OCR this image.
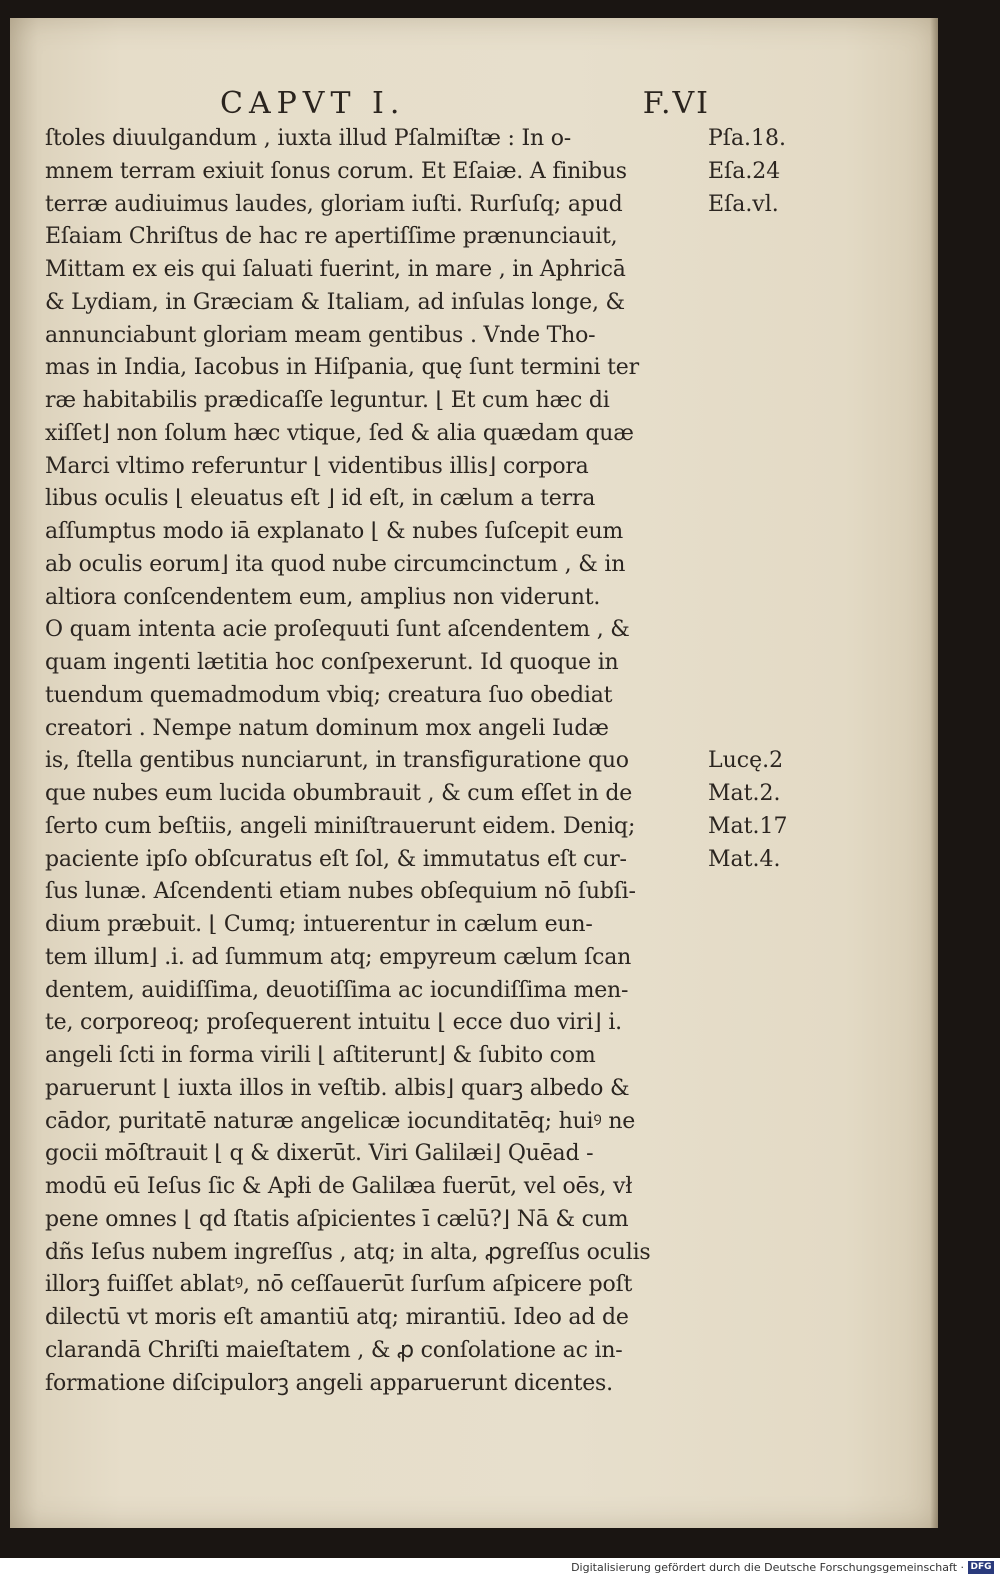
CAPVT I.	F.VI
ſtoles diuulgandum , iuxta illud Pſalmiſtæ : In o-
mnem terram exiuit ſonus corum. Et Eſaiæ. A finibus
terræ audiuimus laudes, gloriam iuſti. Rurſuſq; apud
Eſaiam Chriſtus de hac re apertiſſime prænunciauit,
Mittam ex eis qui ſaluati fuerint, in mare , in Aphricā
& Lydiam, in Græciam & Italiam, ad inſulas longe, &
annunciabunt gloriam meam gentibus . Vnde Tho-
mas in India, Iacobus in Hiſpania, quę ſunt termini ter
ræ habitabilis prædicaſſe leguntur. ⌊ Et cum hæc di
xiſſet⌋ non ſolum hæc vtique, ſed & alia quædam quæ
Marci vltimo referuntur ⌊ videntibus illis⌋ corpora
libus oculis ⌊ eleuatus eſt ⌋ id eſt, in cælum a terra
aſſumptus modo iā explanato ⌊ & nubes ſuſcepit eum
ab oculis eorum⌋ ita quod nube circumcinctum , & in
altiora conſcendentem eum, amplius non viderunt.
O quam intenta acie proſequuti ſunt aſcendentem , &
quam ingenti lætitia hoc conſpexerunt. Id quoque in
tuendum quemadmodum vbiq; creatura ſuo obediat
creatori . Nempe natum dominum mox angeli Iudæ
is, ſtella gentibus nunciarunt, in transfiguratione quo
que nubes eum lucida obumbrauit , & cum eſſet in de
ſerto cum beſtiis, angeli miniſtrauerunt eidem. Deniq;
paciente ipſo obſcuratus eſt ſol, & immutatus eſt cur-
ſus lunæ. Aſcendenti etiam nubes obſequium nō ſubſi-
dium præbuit. ⌊ Cumq; intuerentur in cælum eun-
tem illum⌋ .i. ad ſummum atq; empyreum cælum ſcan
dentem, auidiſſima, deuotiſſima ac iocundiſſima men-
te, corporeoq; proſequerent intuitu ⌊ ecce duo viri⌋ i.
angeli ſcti in forma virili ⌊ aſtiterunt⌋ & ſubito com
paruerunt ⌊ iuxta illos in veſtib. albis⌋ quarꝫ albedo &
cādor, puritatē naturæ angelicæ iocunditatēq; huiꝰ ne
gocii mōſtrauit ⌊ q & dixerūt. Viri Galilæi⌋ Quēad -
modū eū Ieſus ſic & Apłi de Galilæa fuerūt, vel oēs, vł
pene omnes ⌊ qd ſtatis aſpicientes ī cælū?⌋ Nā & cum
dñs Ieſus nubem ingreſſus , atq; in alta, ꝓgreſſus oculis
illorꝫ fuiſſet ablatꝰ, nō ceſſauerūt ſurſum aſpicere poſt
dilectū vt moris eſt amantiū atq; mirantiū. Ideo ad de
clarandā Chriſti maieſtatem , & ꝓ conſolatione ac in-
formatione diſcipulorꝫ angeli apparuerunt dicentes.
Pſa.18.
Eſa.24
Eſa.vl.
Lucę.2
Mat.2.
Mat.17
Mat.4.
Digitalisierung gefördert durch die Deutsche Forschungsgemeinschaft · DFG
